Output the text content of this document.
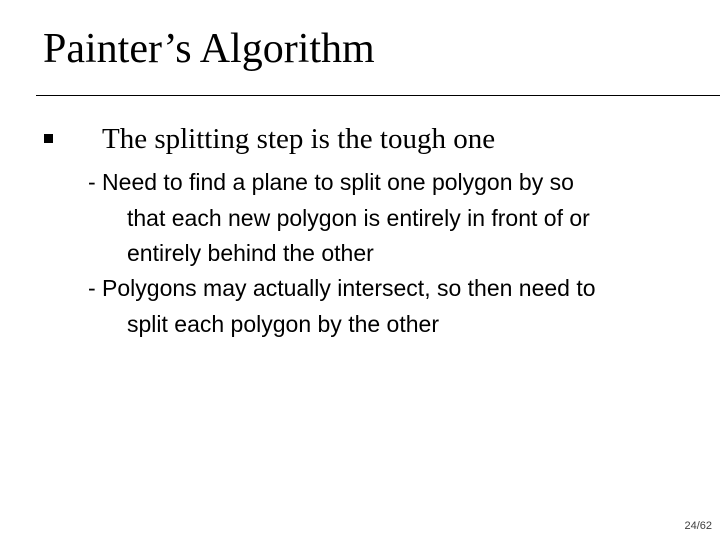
Painter’s Algorithm
The splitting step is the tough one
- Need to find a plane to split one polygon by so
that each new polygon is entirely in front of or
entirely behind the other
- Polygons may actually intersect, so then need to
split each polygon by the other
24/62
